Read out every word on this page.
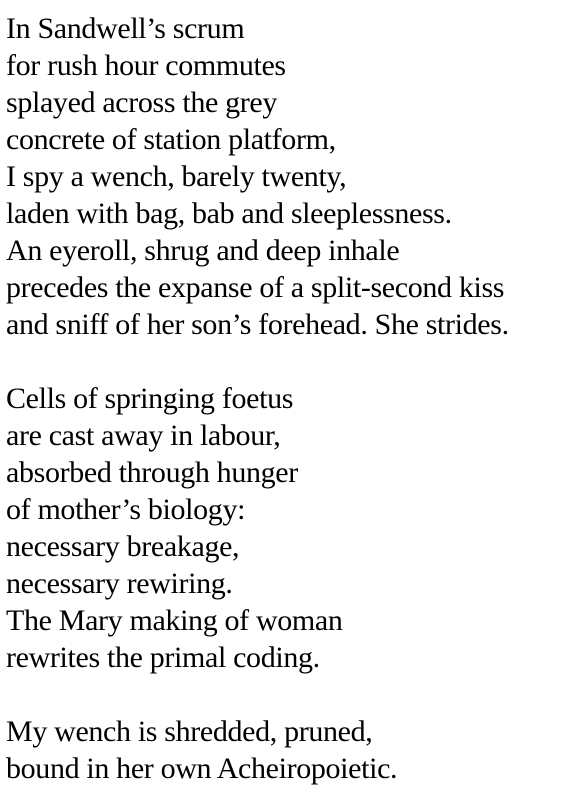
In Sandwell’s scrum
for rush hour commutes
splayed across the grey
concrete of station platform,
I spy a wench, barely twenty,
laden with bag, bab and sleeplessness.
An eyeroll, shrug and deep inhale
precedes the expanse of a split-second kiss
and sniff of her son’s forehead. She strides.
Cells of springing foetus
are cast away in labour,
absorbed through hunger
of mother’s biology:
necessary breakage,
necessary rewiring.
The Mary making of woman
rewrites the primal coding.
My wench is shredded, pruned,
bound in her own Acheiropoietic.
